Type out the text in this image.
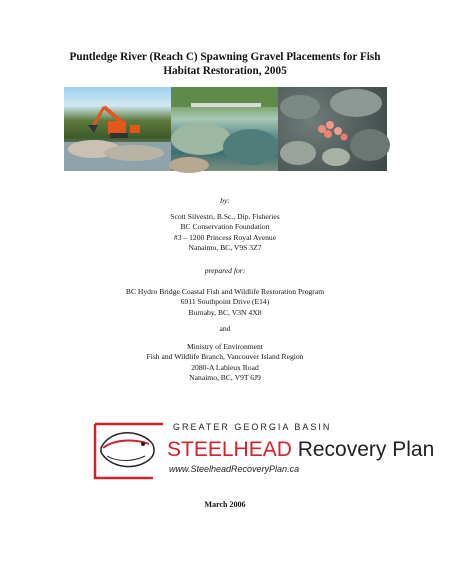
Puntledge River (Reach C) Spawning Gravel Placements for Fish
Habitat Restoration, 2005
by:
Scott Silvestri, B.Sc., Dip. Fisheries
BC Conservation Foundation
#3 – 1200 Princess Royal Avenue
Nanaimo, BC, V9S 3Z7
prepared for:
BC Hydro Bridge Coastal Fish and Wildlife Restoration Program
6911 Southpoint Drive (E14)
Burnaby, BC, V3N 4X8
and
Ministry of Environment
Fish and Wildlife Branch, Vancouver Island Region
2080-A Labieux Road
Nanaimo, BC, V9T 6J9
GREATER GEORGIA BASIN
STEELHEAD Recovery Plan
www.SteelheadRecoveryPlan.ca
March 2006
